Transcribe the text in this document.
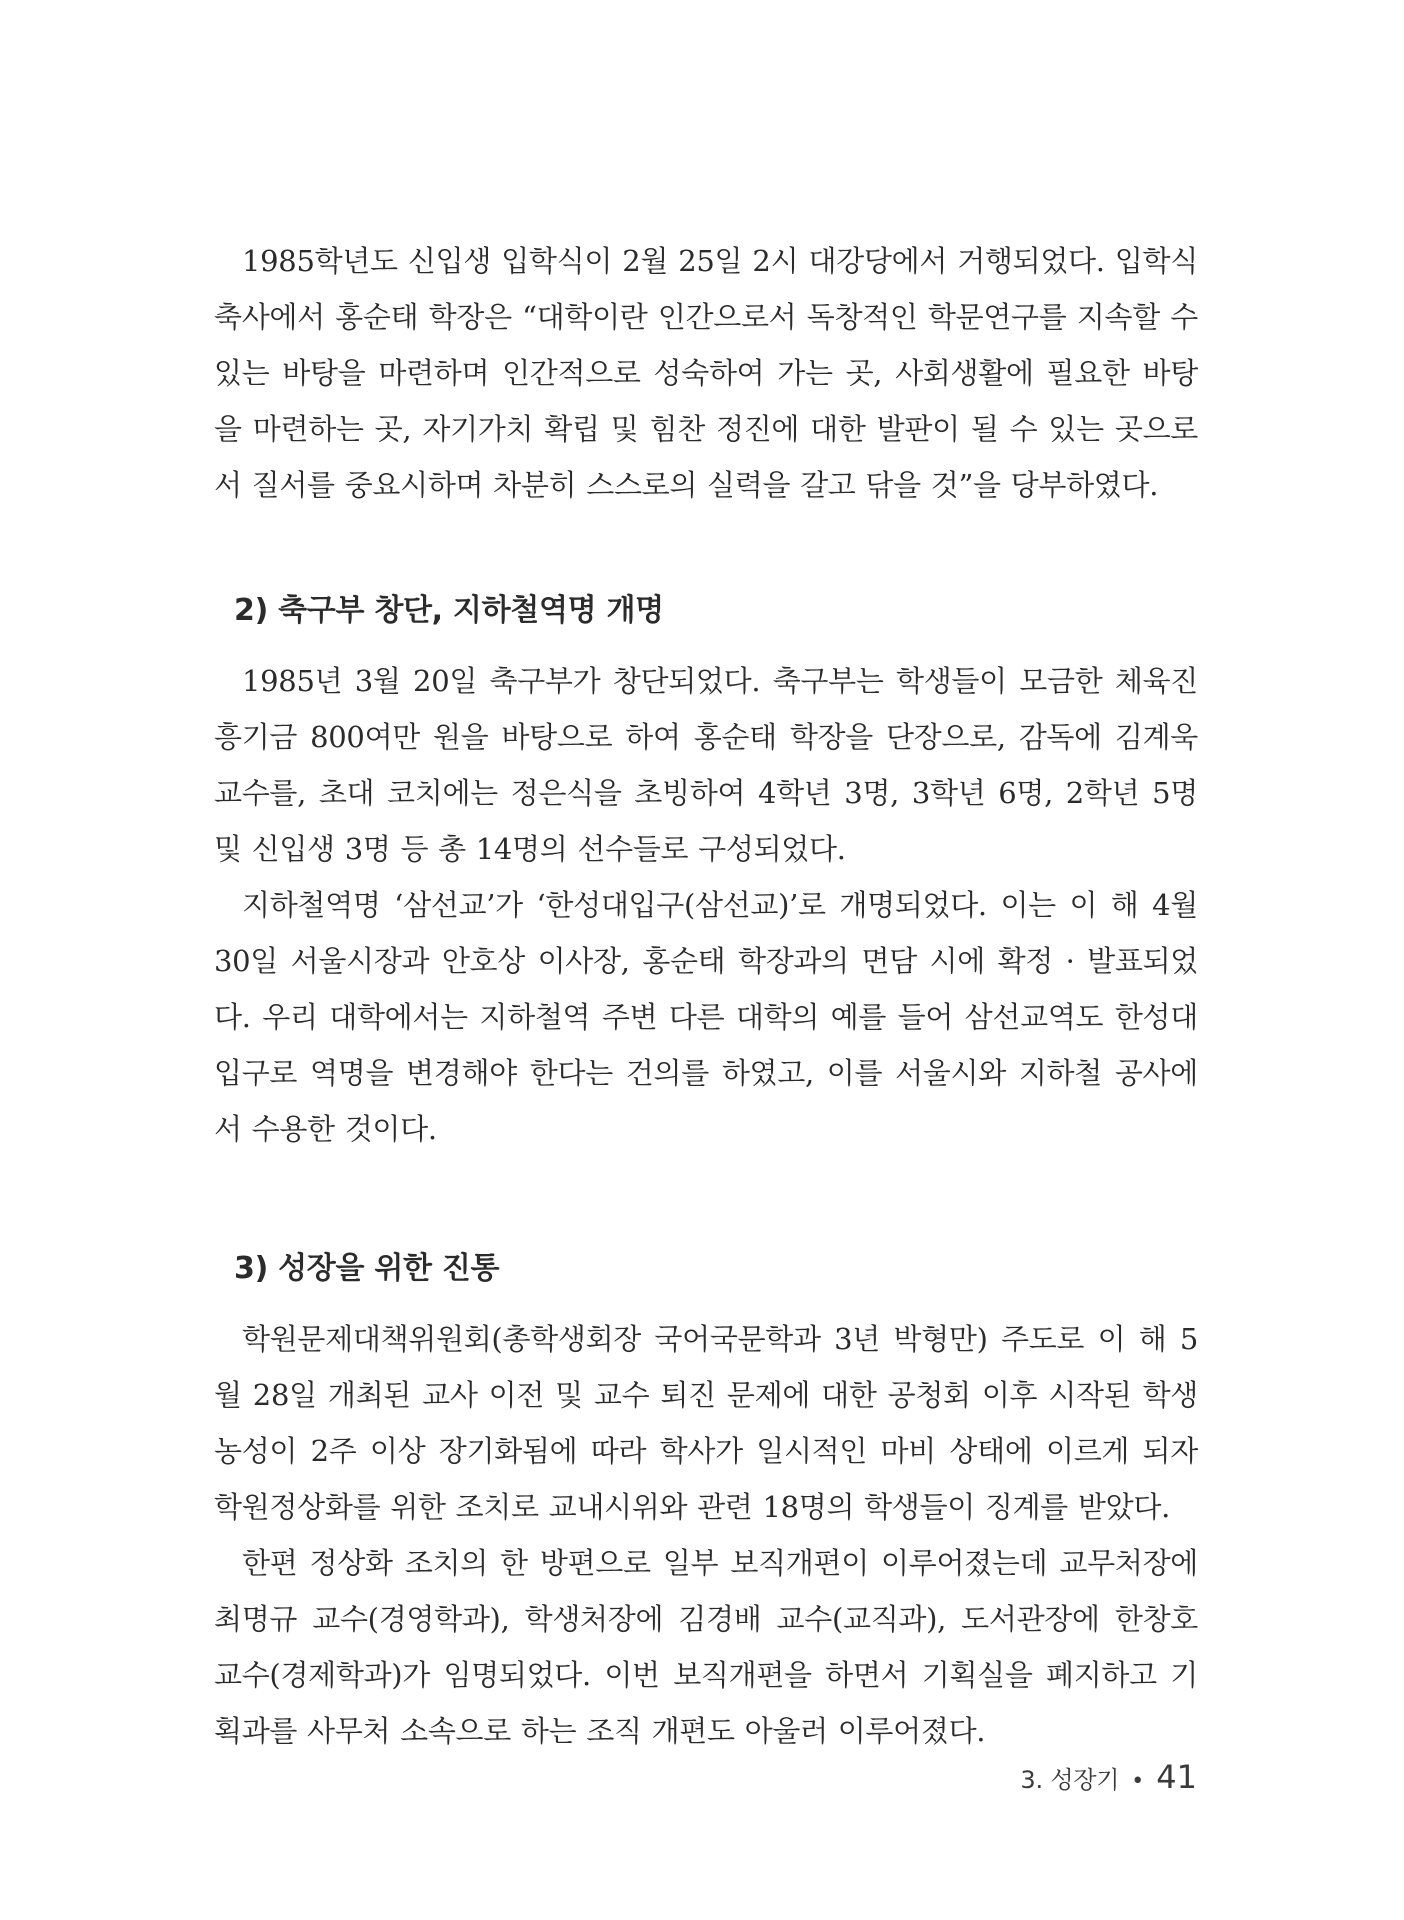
1985학년도 신입생 입학식이 2월 25일 2시 대강당에서 거행되었다. 입학식 축사에서 홍순태 학장은 “대학이란 인간으로서 독창적인 학문연구를 지속할 수 있는 바탕을 마련하며 인간적으로 성숙하여 가는 곳, 사회생활에 필요한 바탕을 마련하는 곳, 자기가치 확립 및 힘찬 정진에 대한 발판이 될 수 있는 곳으로서 질서를 중요시하며 차분히 스스로의 실력을 갈고 닦을 것”을 당부하였다.

2) 축구부 창단, 지하철역명 개명

1985년 3월 20일 축구부가 창단되었다. 축구부는 학생들이 모금한 체육진흥기금 800여만 원을 바탕으로 하여 홍순태 학장을 단장으로, 감독에 김계욱 교수를, 초대 코치에는 정은식을 초빙하여 4학년 3명, 3학년 6명, 2학년 5명 및 신입생 3명 등 총 14명의 선수들로 구성되었다.

지하철역명 ‘삼선교’가 ‘한성대입구(삼선교)’로 개명되었다. 이는 이 해 4월 30일 서울시장과 안호상 이사장, 홍순태 학장과의 면담 시에 확정 · 발표되었다. 우리 대학에서는 지하철역 주변 다른 대학의 예를 들어 삼선교역도 한성대입구로 역명을 변경해야 한다는 건의를 하였고, 이를 서울시와 지하철 공사에서 수용한 것이다.

3) 성장을 위한 진통

학원문제대책위원회(총학생회장 국어국문학과 3년 박형만) 주도로 이 해 5월 28일 개최된 교사 이전 및 교수 퇴진 문제에 대한 공청회 이후 시작된 학생 농성이 2주 이상 장기화됨에 따라 학사가 일시적인 마비 상태에 이르게 되자 학원정상화를 위한 조치로 교내시위와 관련 18명의 학생들이 징계를 받았다.

한편 정상화 조치의 한 방편으로 일부 보직개편이 이루어졌는데 교무처장에 최명규 교수(경영학과), 학생처장에 김경배 교수(교직과), 도서관장에 한창호 교수(경제학과)가 임명되었다. 이번 보직개편을 하면서 기획실을 폐지하고 기획과를 사무처 소속으로 하는 조직 개편도 아울러 이루어졌다.

3. 성장기 • 41
